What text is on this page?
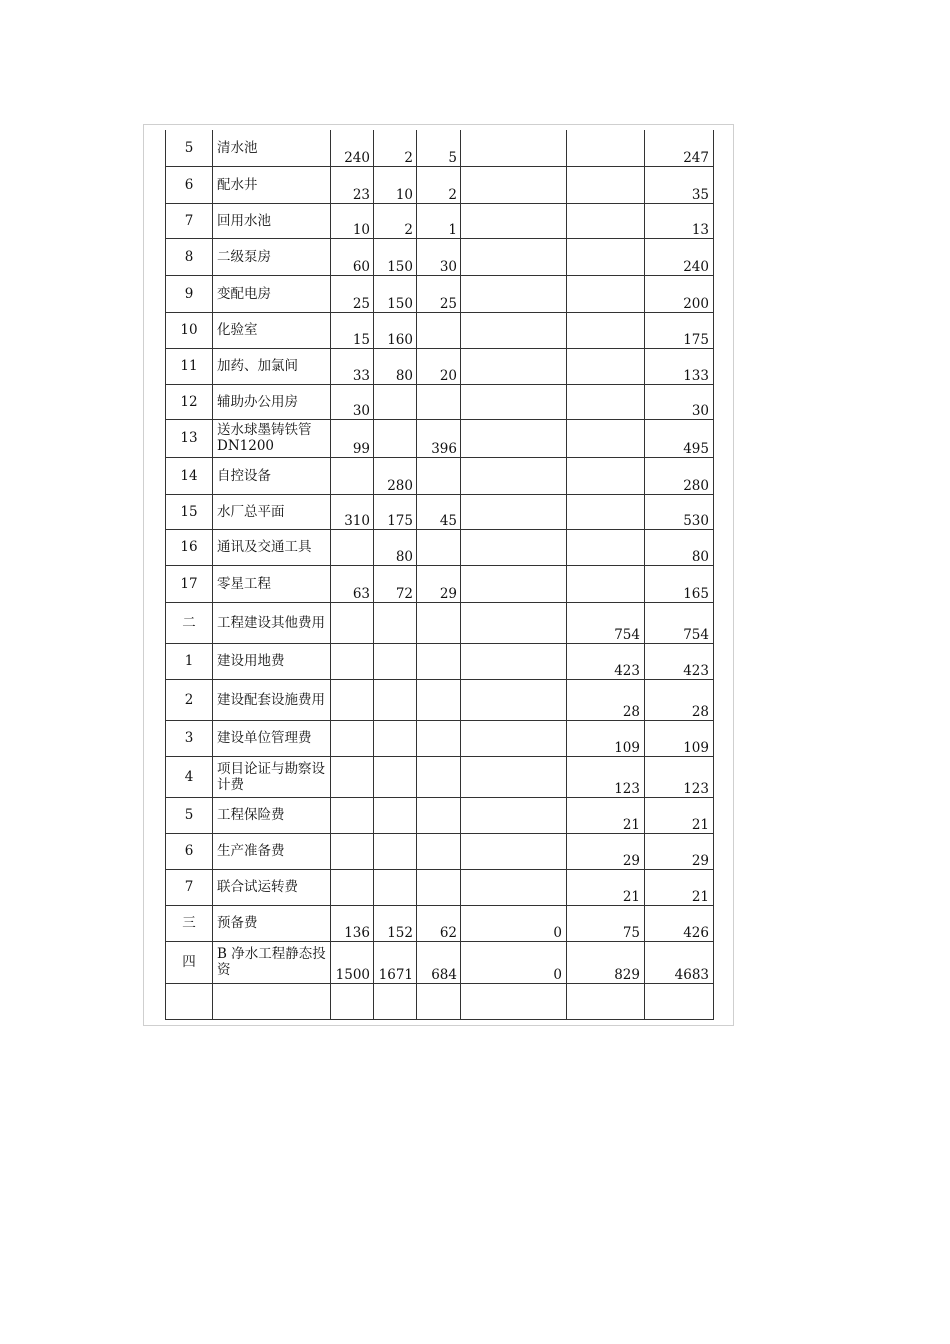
5	清水池	240	2	5			247
6	配水井	23	10	2			35
7	回用水池	10	2	1			13
8	二级泵房	60	150	30			240
9	变配电房	25	150	25			200
10	化验室	15	160				175
11	加药、加氯间	33	80	20			133
12	辅助办公用房	30					30
13	送水球墨铸铁管 DN1200	99		396			495
14	自控设备		280				280
15	水厂总平面	310	175	45			530
16	通讯及交通工具		80				80
17	零星工程	63	72	29			165
二	工程建设其他费用					754	754
1	建设用地费					423	423
2	建设配套设施费用					28	28
3	建设单位管理费					109	109
4	项目论证与勘察设计费					123	123
5	工程保险费					21	21
6	生产准备费					29	29
7	联合试运转费					21	21
三	预备费	136	152	62	0	75	426
四	B 净水工程静态投资	1500	1671	684	0	829	4683
